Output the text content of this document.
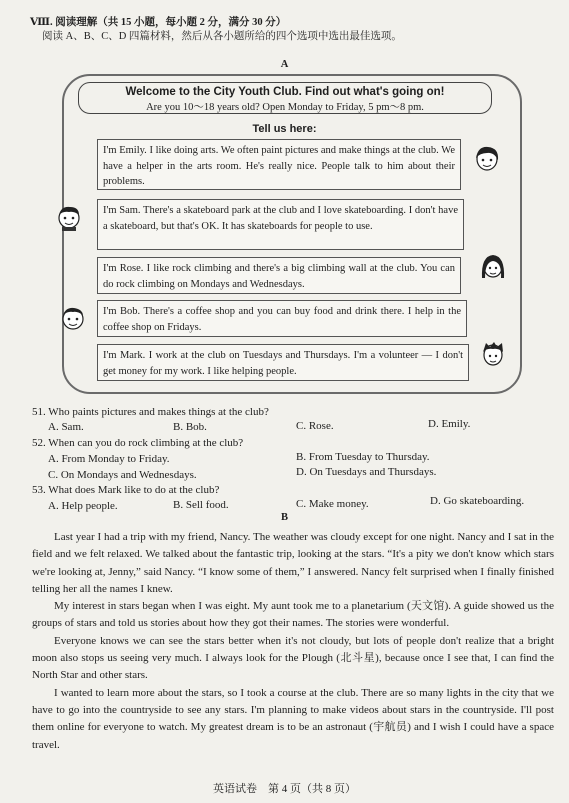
Ⅷ. 阅读理解（共 15 小题，每小题 2 分，满分 30 分）
阅读 A、B、C、D 四篇材料，然后从各小题所给的四个选项中选出最佳选项。
A
Welcome to the City Youth Club. Find out what's going on!
Are you 10～18 years old? Open Monday to Friday, 5 pm～8 pm.
Tell us here:
I'm Emily. I like doing arts. We often paint pictures and make things at the club. We have a helper in the arts room. He's really nice. People talk to him about their problems.
I'm Sam. There's a skateboard park at the club and I love skateboarding. I don't have a skateboard, but that's OK. It has skateboards for people to use.
I'm Rose. I like rock climbing and there's a big climbing wall at the club. You can do rock climbing on Mondays and Wednesdays.
I'm Bob. There's a coffee shop and you can buy food and drink there. I help in the coffee shop on Fridays.
I'm Mark. I work at the club on Tuesdays and Thursdays. I'm a volunteer — I don't get money for my work. I like helping people.
51. Who paints pictures and makes things at the club?
A. Sam.	B. Bob.	C. Rose.	D. Emily.
52. When can you do rock climbing at the club?
A. From Monday to Friday.	B. From Tuesday to Thursday.
C. On Mondays and Wednesdays.	D. On Tuesdays and Thursdays.
53. What does Mark like to do at the club?
A. Help people.	B. Sell food.	C. Make money.	D. Go skateboarding.
B

Last year I had a trip with my friend, Nancy. The weather was cloudy except for one night. Nancy and I sat in the field and we felt relaxed. We talked about the fantastic trip, looking at the stars. “It's a pity we don't know which stars we're looking at, Jenny,” said Nancy. “I know some of them,” I answered. Nancy felt surprised when I finally finished telling her all the names I knew.

My interest in stars began when I was eight. My aunt took me to a planetarium (天文馆). A guide showed us the groups of stars and told us stories about how they got their names. The stories were wonderful.

Everyone knows we can see the stars better when it's not cloudy, but lots of people don't realize that a bright moon also stops us seeing very much. I always look for the Plough (北斗星), because once I see that, I can find the North Star and other stars.

I wanted to learn more about the stars, so I took a course at the club. There are so many lights in the city that we have to go into the countryside to see any stars. I'm planning to make videos about stars in the countryside. I'll post them online for everyone to watch. My greatest dream is to be an astronaut (宇航员) and I wish I could have a space travel.

英语试卷　第 4 页（共 8 页）
